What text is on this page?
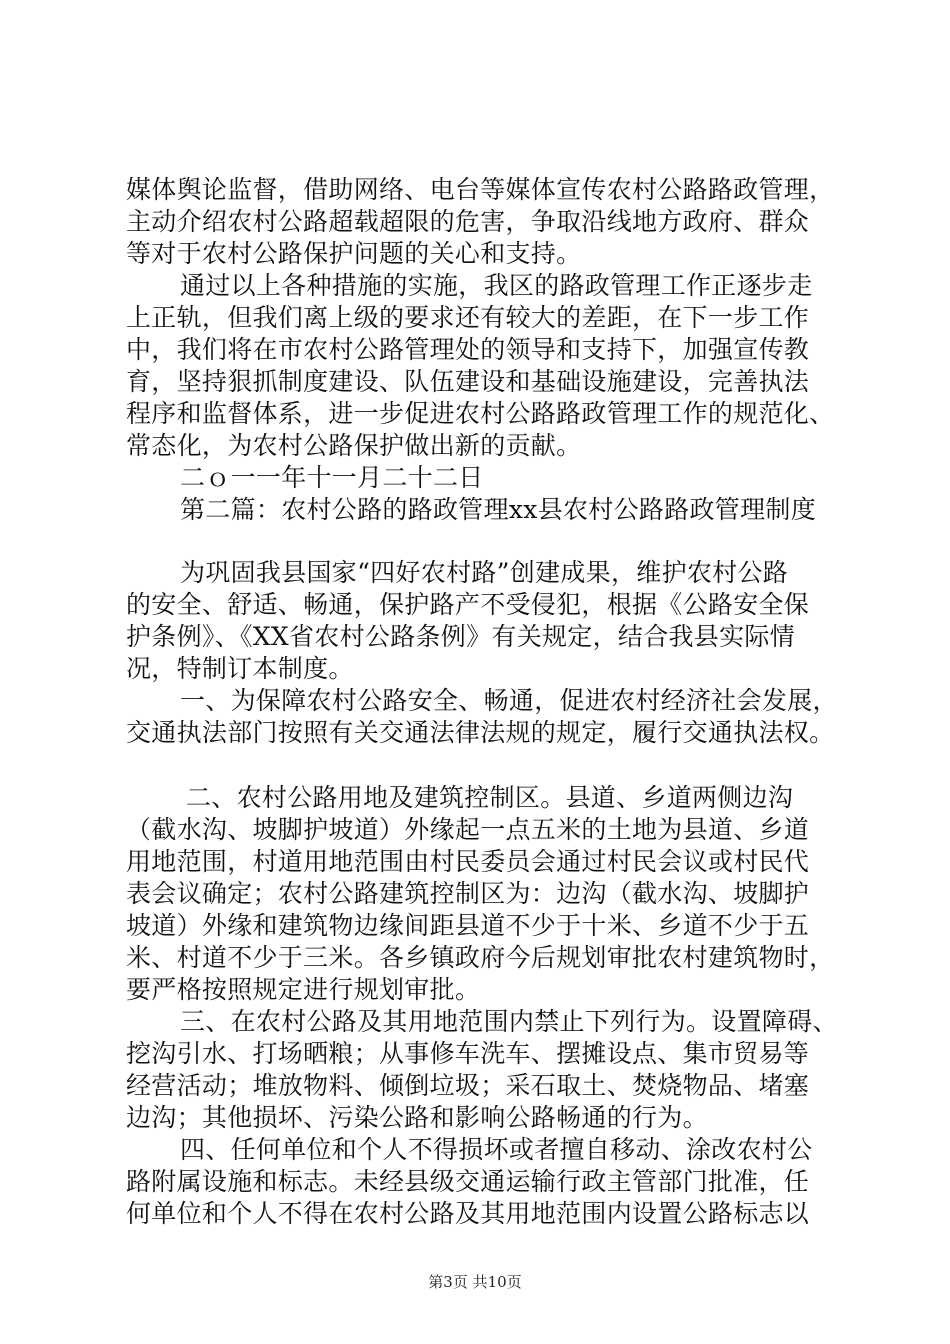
媒体舆论监督，借助网络、电台等媒体宣传农村公路路政管理，
主动介绍农村公路超载超限的危害，争取沿线地方政府、群众
等对于农村公路保护问题的关心和支持。
通过以上各种措施的实施，我区的路政管理工作正逐步走
上正轨，但我们离上级的要求还有较大的差距，在下一步工作
中，我们将在市农村公路管理处的领导和支持下，加强宣传教
育，坚持狠抓制度建设、队伍建设和基础设施建设，完善执法
程序和监督体系，进一步促进农村公路路政管理工作的规范化、
常态化，为农村公路保护做出新的贡献。
二ｏ一一年十一月二十二日
第二篇：农村公路的路政管理xx县农村公路路政管理制度
为巩固我县国家“四好农村路”创建成果，维护农村公路
的安全、舒适、畅通，保护路产不受侵犯，根据《公路安全保
护条例》、《XX省农村公路条例》有关规定，结合我县实际情
况，特制订本制度。
一、为保障农村公路安全、畅通，促进农村经济社会发展，
交通执法部门按照有关交通法律法规的规定，履行交通执法权。
二、农村公路用地及建筑控制区。县道、乡道两侧边沟
（截水沟、坡脚护坡道）外缘起一点五米的土地为县道、乡道
用地范围，村道用地范围由村民委员会通过村民会议或村民代
表会议确定；农村公路建筑控制区为：边沟（截水沟、坡脚护
坡道）外缘和建筑物边缘间距县道不少于十米、乡道不少于五
米、村道不少于三米。各乡镇政府今后规划审批农村建筑物时，
要严格按照规定进行规划审批。
三、在农村公路及其用地范围内禁止下列行为。设置障碍、
挖沟引水、打场晒粮；从事修车洗车、摆摊设点、集市贸易等
经营活动；堆放物料、倾倒垃圾；采石取土、焚烧物品、堵塞
边沟；其他损坏、污染公路和影响公路畅通的行为。
四、任何单位和个人不得损坏或者擅自移动、涂改农村公
路附属设施和标志。未经县级交通运输行政主管部门批准，任
何单位和个人不得在农村公路及其用地范围内设置公路标志以
第3页 共10页
